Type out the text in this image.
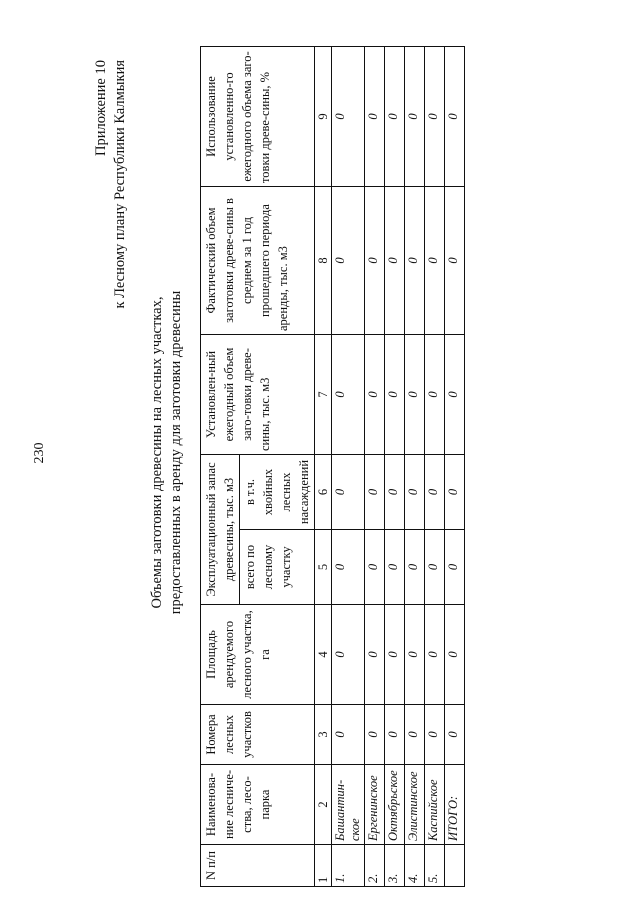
230
Приложение 10 к Лесному плану Республики Калмыкия
Объемы заготовки древесины на лесных участках, предоставленных в аренду для заготовки древесины
N п/п	Наименова-ние лесниче-ства, лесо-парка	Номера лесных участков	Площадь арендуемого лесного участка, га	Эксплуатационный запас древесины, тыс. м3		Установлен-ный ежегодный объем заго-товки древе-сины, тыс. м3	Фактический объем заготовки древе-сины в среднем за 1 год прошедшего периода аренды, тыс. м3	Использование установленно-го ежегодного объема заго-товки древе-сины, %
				всего по лесному участку	в т.ч. хвойных лесных насаждений			
1	2	3	4	5	6	7	8	9
1.	Башантин-ское	0	0	0	0	0	0	0
2.	Ергенинское	0	0	0	0	0	0	0
3.	Октябрьское	0	0	0	0	0	0	0
4.	Элистинское	0	0	0	0	0	0	0
5.	Каспийское	0	0	0	0	0	0	0
	ИТОГО:	0	0	0	0	0	0	0
